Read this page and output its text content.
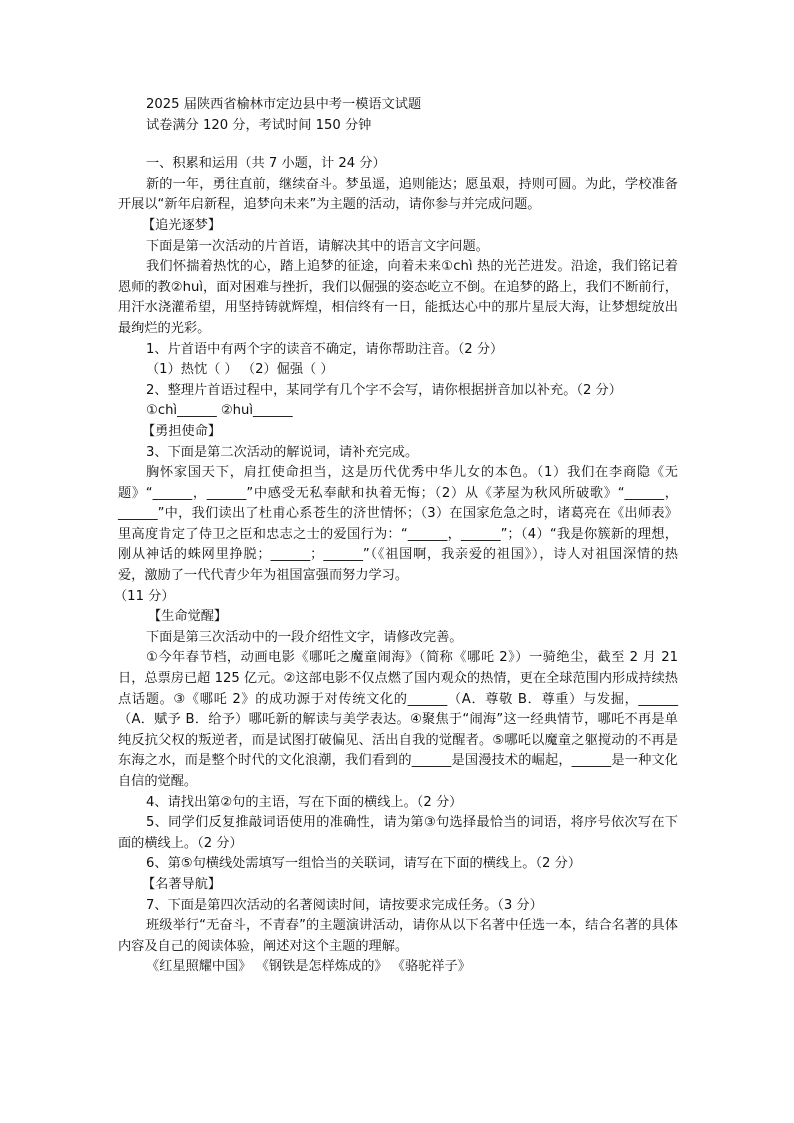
2025 届陕西省榆林市定边县中考一模语文试题
试卷满分 120 分，考试时间 150 分钟
一、积累和运用（共 7 小题，计 24 分）
新的一年，勇往直前，继续奋斗。梦虽遥，追则能达；愿虽艰，持则可圆。为此，学校准备开展以“新年启新程，追梦向未来”为主题的活动，请你参与并完成问题。
【追光逐梦】
下面是第一次活动的片首语，请解决其中的语言文字问题。
我们怀揣着热忱的心，踏上追梦的征途，向着未来①chì 热的光芒进发。沿途，我们铭记着恩师的教②huì，面对困难与挫折，我们以倔强的姿态屹立不倒。在追梦的路上，我们不断前行，用汗水浇灌希望，用坚持铸就辉煌，相信终有一日，能抵达心中的那片星辰大海，让梦想绽放出最绚烂的光彩。
1、片首语中有两个字的读音不确定，请你帮助注音。（2 分）
（1）热忱（ ） （2）倔强（ ）
2、整理片首语过程中，某同学有几个字不会写，请你根据拼音加以补充。（2 分）
①chì______ ②huì______
【勇担使命】
3、下面是第二次活动的解说词，请补充完成。
胸怀家国天下，肩扛使命担当，这是历代优秀中华儿女的本色。（1）我们在李商隐《无题》“______，______”中感受无私奉献和执着无悔；（2）从《茅屋为秋风所破歌》“______，______”中，我们读出了杜甫心系苍生的济世情怀；（3）在国家危急之时，诸葛亮在《出师表》里高度肯定了侍卫之臣和忠志之士的爱国行为：“______，______”；（4）“我是你簇新的理想，刚从神话的蛛网里挣脱；______；______”（《祖国啊，我亲爱的祖国》），诗人对祖国深情的热爱，激励了一代代青少年为祖国富强而努力学习。
（11 分）
【生命觉醒】
下面是第三次活动中的一段介绍性文字，请修改完善。
①今年春节档，动画电影《哪吒之魔童闹海》（简称《哪吒 2》）一骑绝尘，截至 2 月 21 日，总票房已超 125 亿元。②这部电影不仅点燃了国内观众的热情，更在全球范围内形成持续热点话题。③《哪吒 2》的成功源于对传统文化的______（A．尊敬 B．尊重）与发掘，______（A．赋予 B．给予）哪吒新的解读与美学表达。④聚焦于“闹海”这一经典情节，哪吒不再是单纯反抗父权的叛逆者，而是试图打破偏见、活出自我的觉醒者。⑤哪吒以魔童之躯搅动的不再是东海之水，而是整个时代的文化浪潮，我们看到的______是国漫技术的崛起，______是一种文化自信的觉醒。
4、请找出第②句的主语，写在下面的横线上。（2 分）
5、同学们反复推敲词语使用的准确性，请为第③句选择最恰当的词语，将序号依次写在下面的横线上。（2 分）
6、第⑤句横线处需填写一组恰当的关联词，请写在下面的横线上。（2 分）
【名著导航】
7、下面是第四次活动的名著阅读时间，请按要求完成任务。（3 分）
班级举行“无奋斗，不青春”的主题演讲活动，请你从以下名著中任选一本，结合名著的具体内容及自己的阅读体验，阐述对这个主题的理解。
《红星照耀中国》 《钢铁是怎样炼成的》 《骆驼祥子》
